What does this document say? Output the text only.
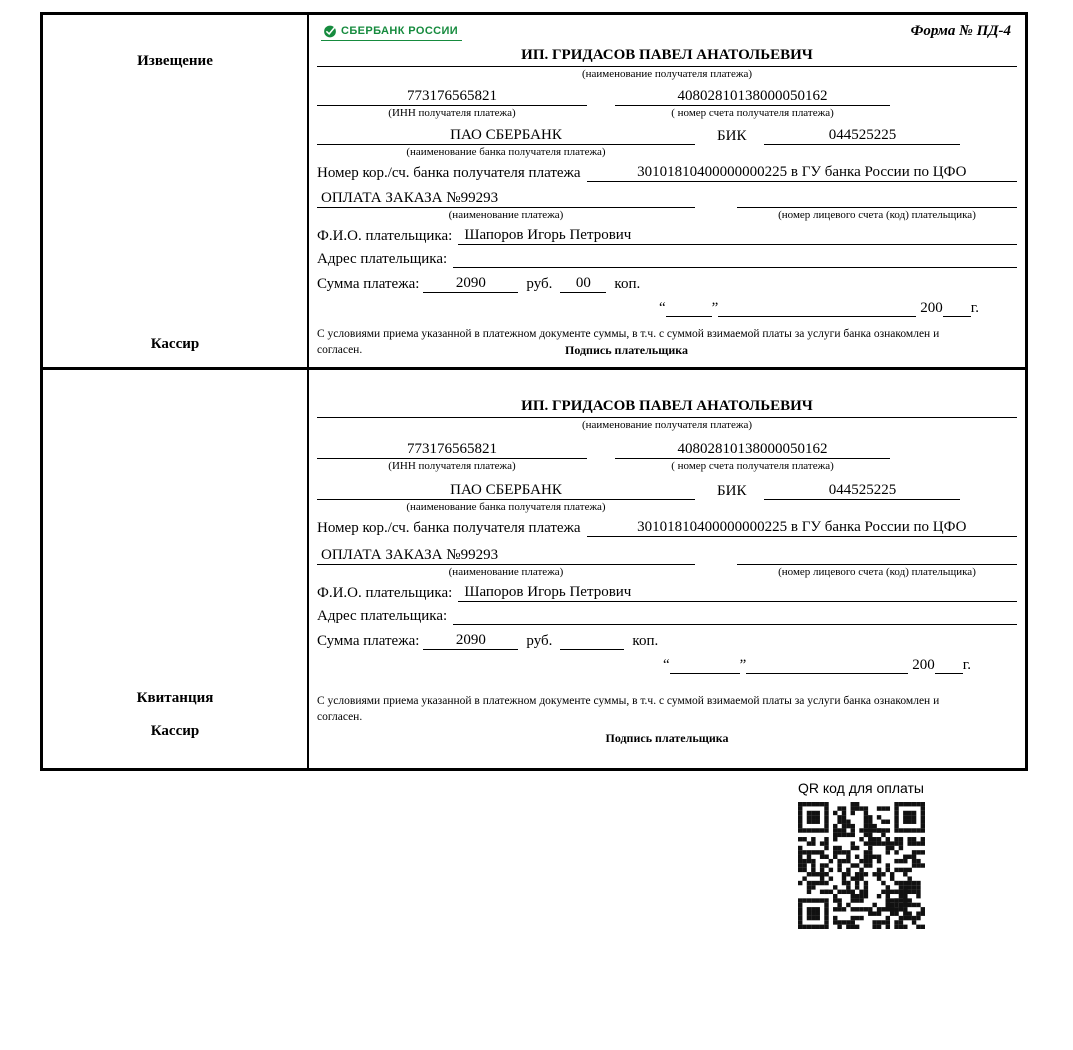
Извещение
Кассир
СБЕРБАНК РОССИИ	Форма № ПД-4
ИП. ГРИДАСОВ ПАВЕЛ АНАТОЛЬЕВИЧ
(наименование получателя платежа)
773176565821	40802810138000050162
(ИНН получателя платежа)	( номер счета получателя платежа)
ПАО СБЕРБАНК	БИК	044525225
(наименование банка получателя платежа)
Номер кор./сч. банка получателя платежа	30101810400000000225 в ГУ банка России по ЦФО
ОПЛАТА ЗАКАЗА №99293
(наименование платежа)	(номер лицевого счета (код) плательщика)
Ф.И.О. плательщика: Шапоров Игорь Петрович
Адрес плательщика:
Сумма платежа:	2090	руб.	00	коп.
“	”	200 г.
С условиями приема указанной в платежном документе суммы, в т.ч. с суммой взимаемой платы за услуги банка ознакомлен и согласен.	Подпись плательщика
Квитанция
Кассир
ИП. ГРИДАСОВ ПАВЕЛ АНАТОЛЬЕВИЧ
(наименование получателя платежа)
773176565821	40802810138000050162
(ИНН получателя платежа)	( номер счета получателя платежа)
ПАО СБЕРБАНК	БИК	044525225
(наименование банка получателя платежа)
Номер кор./сч. банка получателя платежа	30101810400000000225 в ГУ банка России по ЦФО
ОПЛАТА ЗАКАЗА №99293
(наименование платежа)	(номер лицевого счета (код) плательщика)
Ф.И.О. плательщика: Шапоров Игорь Петрович
Адрес плательщика:
Сумма платежа:	2090	руб.	коп.
“	”	200 г.
С условиями приема указанной в платежном документе суммы, в т.ч. с суммой взимаемой платы за услуги банка ознакомлен и согласен.
Подпись плательщика
QR код для оплаты
